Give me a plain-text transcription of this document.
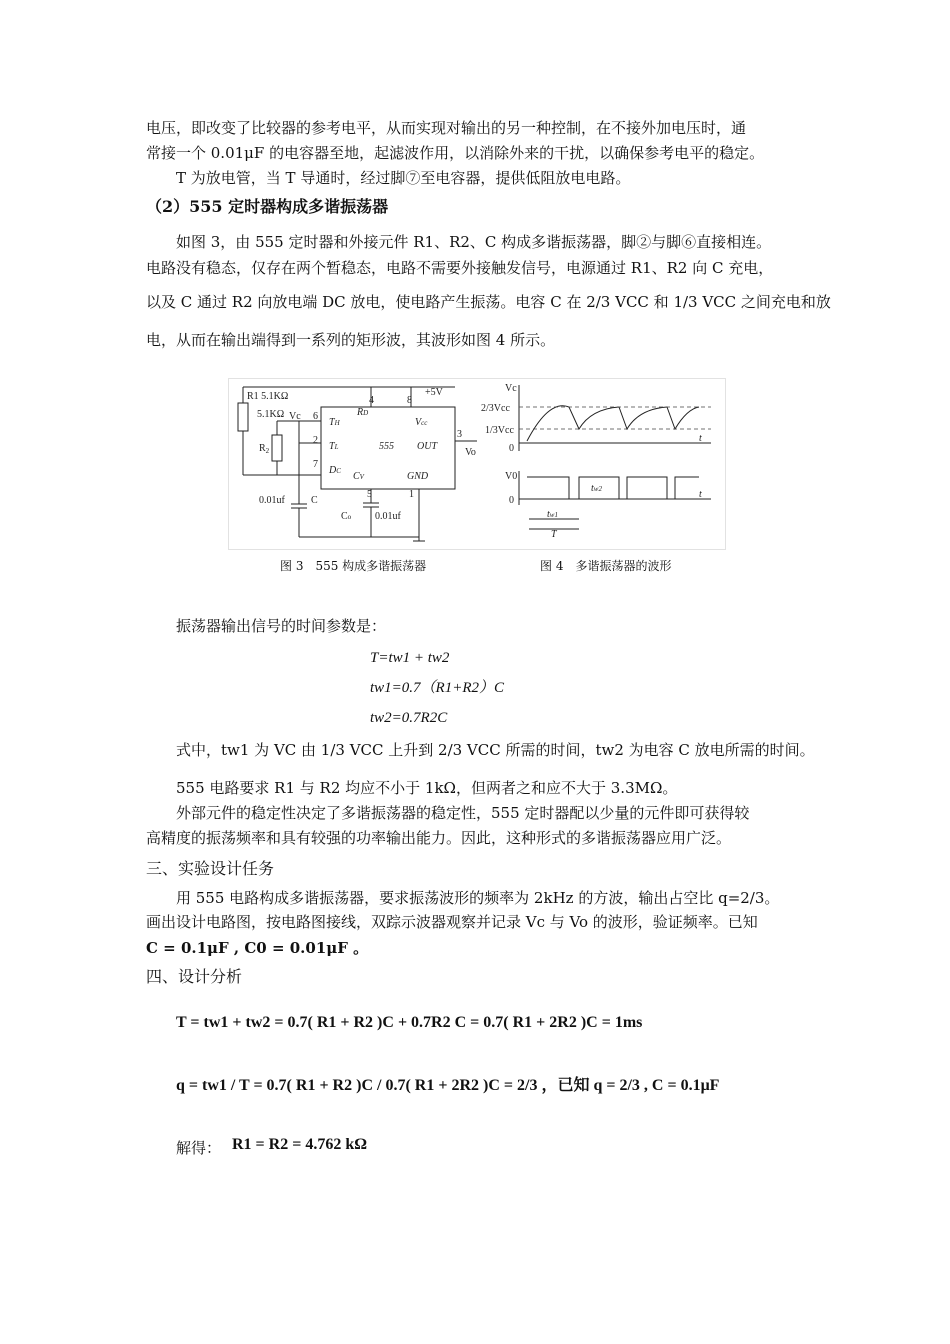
电压，即改变了比较器的参考电平，从而实现对输出的另一种控制，在不接外加电压时，通
常接一个 0.01μF 的电容器至地，起滤波作用，以消除外来的干扰，以确保参考电平的稳定。
T 为放电管，当 T 导通时，经过脚⑦至电容器，提供低阻放电电路。
（2）555 定时器构成多谐振荡器
如图 3，由 555 定时器和外接元件 R1、R2、C 构成多谐振荡器，脚②与脚⑥直接相连。
电路没有稳态，仅存在两个暂稳态，电路不需要外接触发信号，电源通过 R1、R2 向 C 充电，
以及 C 通过 R2 向放电端 DC 放电，使电路产生振荡。电容 C 在 2/3 VCC 和 1/3 VCC 之间充电和放
电，从而在输出端得到一系列的矩形波，其波形如图 4 所示。
R1 5.1KΩ
5.1KΩ
$R_2$
0.01uf	C
+5V
555
TH
TL
DC CV	GND
OUT
Vcc
RD
4	8
6
2
7
5	1
3
Vo
Vc
Co 0.01uf
Vc
2/3Vcc
1/3Vcc
0
t
V0
0
t
tw2
tw1
T
图 3　555 构成多谐振荡器	图 4　多谐振荡器的波形
振荡器输出信号的时间参数是：
T=tw1 + tw2
tw1=0.7（R1+R2）C
tw2=0.7R2C
式中，tw1 为 VC 由 1/3 VCC 上升到 2/3 VCC 所需的时间，tw2 为电容 C 放电所需的时间。
555 电路要求 R1 与 R2 均应不小于 1kΩ，但两者之和应不大于 3.3MΩ。
外部元件的稳定性决定了多谐振荡器的稳定性，555 定时器配以少量的元件即可获得较
高精度的振荡频率和具有较强的功率输出能力。因此，这种形式的多谐振荡器应用广泛。
三、实验设计任务
用 555 电路构成多谐振荡器，要求振荡波形的频率为 2kHz 的方波，输出占空比 q=2/3。
画出设计电路图，按电路图接线，双踪示波器观察并记录 Vc 与 Vo 的波形，验证频率。已知
C = 0.1μF , C0 = 0.01μF 。
四、设计分析
T = tw1 + tw2 = 0.7( R1 + R2 )C + 0.7R2 C = 0.7( R1 + 2R2 )C = 1ms
q = tw1 / T = 0.7( R1 + R2 )C / 0.7( R1 + 2R2 )C = 2/3 ，已知 q = 2/3 , C = 0.1μF
解得： R1 = R2 = 4.762 kΩ
